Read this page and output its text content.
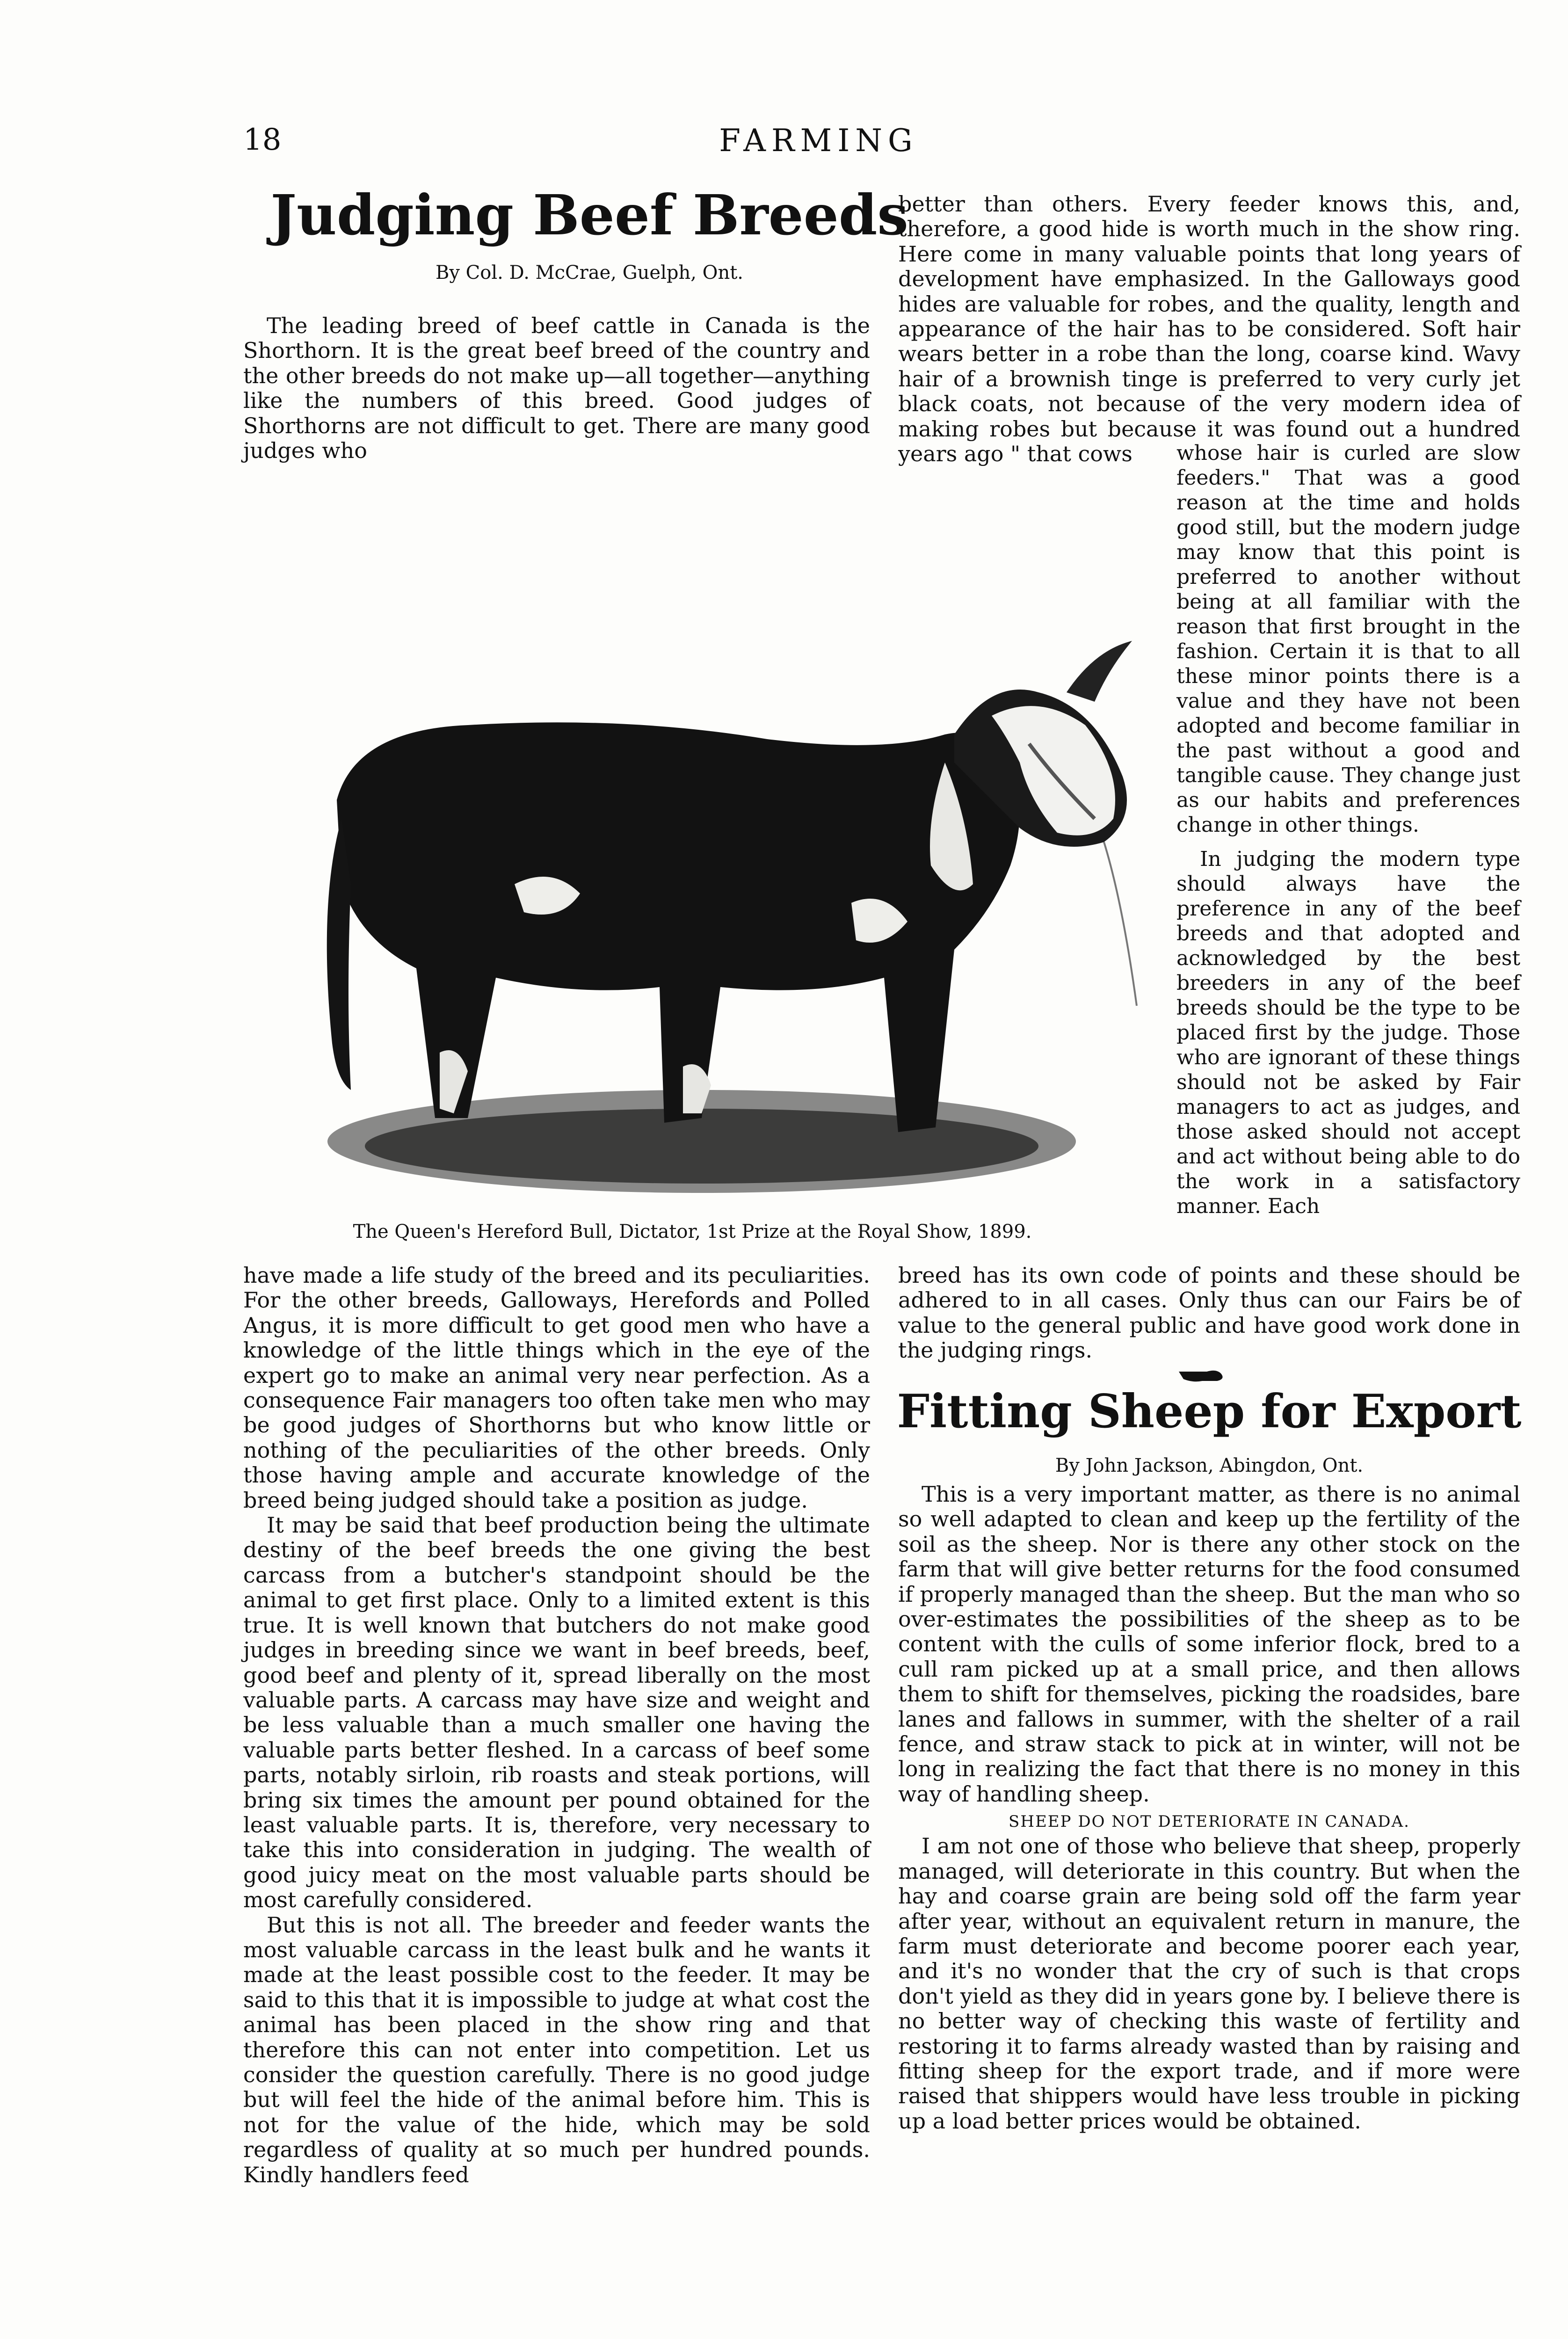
18	FARMING
Judging Beef Breeds
By Col. D. McCrae, Guelph, Ont.

The leading breed of beef cattle in Canada is the Shorthorn. It is the great beef breed of the country and the other breeds do not make up—all together—anything like the numbers of this breed. Good judges of Shorthorns are not difficult to get. There are many good judges who

better than others. Every feeder knows this, and, therefore, a good hide is worth much in the show ring. Here come in many valuable points that long years of development have emphasized. In the Galloways good hides are valuable for robes, and the quality, length and appearance of the hair has to be considered. Soft hair wears better in a robe than the long, coarse kind. Wavy hair of a brownish tinge is preferred to very curly jet black coats, not because of the very modern idea of making robes but because it was found out a hundred years ago " that cows	whose hair is curled are slow feeders." That was a good reason at the time and holds good still, but the modern judge may know that this point is preferred to another without being at all familiar with the reason that first brought in the fashion. Certain it is that to all these minor points there is a value and they have not been adopted and become familiar in the past without a good and tangible cause. They change just as our habits and preferences change in other things.

In judging the modern type should always have the preference in any of the beef breeds and that adopted and acknowledged by the best breeders in any of the beef breeds should be the type to be placed first by the judge. Those who are ignorant of these things should not be asked by Fair managers to act as judges, and those asked should not accept and act without being able to do the work in a satisfactory manner. Each

The Queen's Hereford Bull, Dictator, 1st Prize at the Royal Show, 1899.

have made a life study of the breed and its peculiarities. For the other breeds, Galloways, Herefords and Polled Angus, it is more difficult to get good men who have a knowledge of the little things which in the eye of the expert go to make an animal very near perfection. As a consequence Fair managers too often take men who may be good judges of Shorthorns but who know little or nothing of the peculiarities of the other breeds. Only those having ample and accurate knowledge of the breed being judged should take a position as judge.

It may be said that beef production being the ultimate destiny of the beef breeds the one giving the best carcass from a butcher's standpoint should be the animal to get first place. Only to a limited extent is this true. It is well known that butchers do not make good judges in breeding since we want in beef breeds, beef, good beef and plenty of it, spread liberally on the most valuable parts. A carcass may have size and weight and be less valuable than a much smaller one having the valuable parts better fleshed. In a carcass of beef some parts, notably sirloin, rib roasts and steak portions, will bring six times the amount per pound obtained for the least valuable parts. It is, therefore, very necessary to take this into consideration in judging. The wealth of good juicy meat on the most valuable parts should be most carefully considered.

But this is not all. The breeder and feeder wants the most valuable carcass in the least bulk and he wants it made at the least possible cost to the feeder. It may be said to this that it is impossible to judge at what cost the animal has been placed in the show ring and that therefore this can not enter into competition. Let us consider the question carefully. There is no good judge but will feel the hide of the animal before him. This is not for the value of the hide, which may be sold regardless of quality at so much per hundred pounds. Kindly handlers feed

breed has its own code of points and these should be adhered to in all cases. Only thus can our Fairs be of value to the general public and have good work done in the judging rings.

Fitting Sheep for Export
By John Jackson, Abingdon, Ont.

This is a very important matter, as there is no animal so well adapted to clean and keep up the fertility of the soil as the sheep. Nor is there any other stock on the farm that will give better returns for the food consumed if properly managed than the sheep. But the man who so over-estimates the possibilities of the sheep as to be content with the culls of some inferior flock, bred to a cull ram picked up at a small price, and then allows them to shift for themselves, picking the roadsides, bare lanes and fallows in summer, with the shelter of a rail fence, and straw stack to pick at in winter, will not be long in realizing the fact that there is no money in this way of handling sheep.

SHEEP DO NOT DETERIORATE IN CANADA.

I am not one of those who believe that sheep, properly managed, will deteriorate in this country. But when the hay and coarse grain are being sold off the farm year after year, without an equivalent return in manure, the farm must deteriorate and become poorer each year, and it's no wonder that the cry of such is that crops don't yield as they did in years gone by. I believe there is no better way of checking this waste of fertility and restoring it to farms already wasted than by raising and fitting sheep for the export trade, and if more were raised that shippers would have less trouble in picking up a load better prices would be obtained.
